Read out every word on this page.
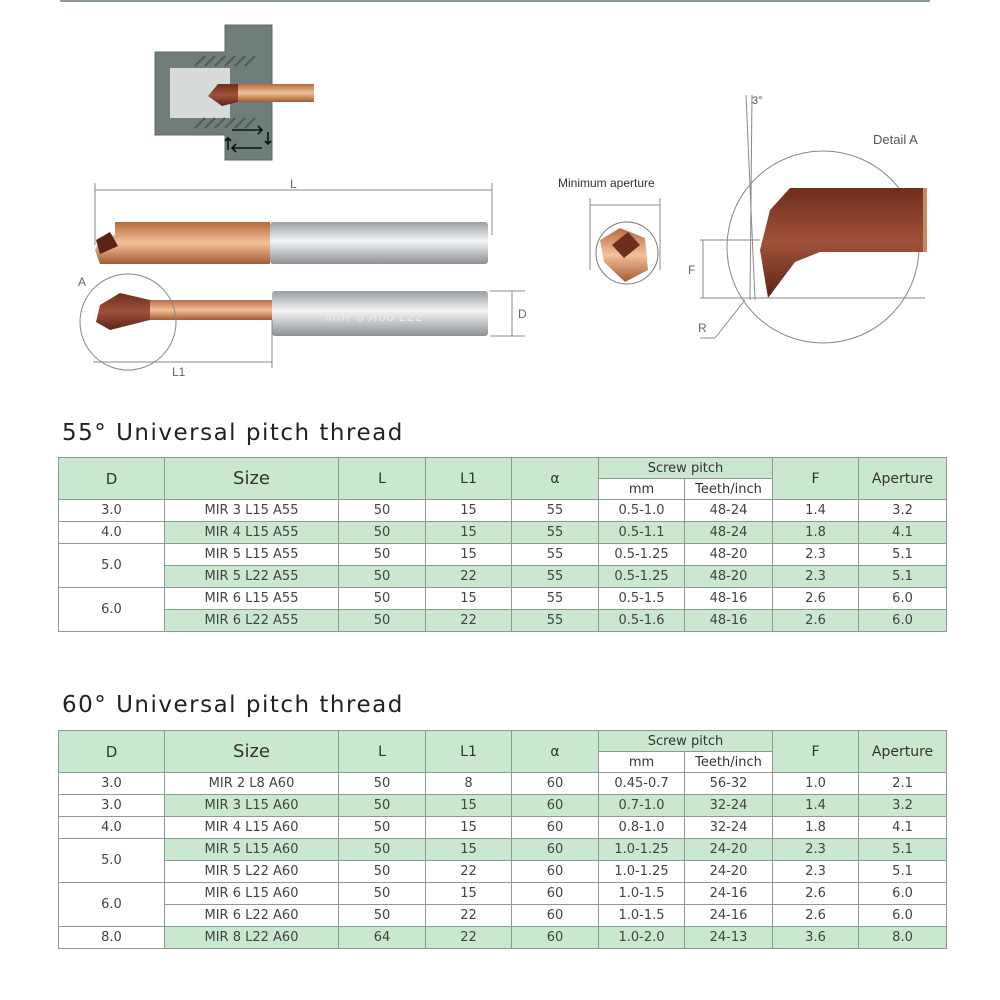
L
MIR 6 A60 L22
A
L1
D
Minimum aperture
Detail A
3°
F
R
55° Universal pitch thread
D	Size	L	L1	α	Screw pitch		F	Aperture
					mm	Teeth/inch		
3.0	MIR 3 L15 A55	50	15	55	0.5-1.0	48-24	1.4	3.2
4.0	MIR 4 L15 A55	50	15	55	0.5-1.1	48-24	1.8	4.1
5.0	MIR 5 L15 A55	50	15	55	0.5-1.25	48-20	2.3	5.1
	MIR 5 L22 A55	50	22	55	0.5-1.25	48-20	2.3	5.1
6.0	MIR 6 L15 A55	50	15	55	0.5-1.5	48-16	2.6	6.0
	MIR 6 L22 A55	50	22	55	0.5-1.6	48-16	2.6	6.0
60° Universal pitch thread
D	Size	L	L1	α	Screw pitch		F	Aperture
					mm	Teeth/inch		
3.0	MIR 2 L8 A60	50	8	60	0.45-0.7	56-32	1.0	2.1
3.0	MIR 3 L15 A60	50	15	60	0.7-1.0	32-24	1.4	3.2
4.0	MIR 4 L15 A60	50	15	60	0.8-1.0	32-24	1.8	4.1
5.0	MIR 5 L15 A60	50	15	60	1.0-1.25	24-20	2.3	5.1
	MIR 5 L22 A60	50	22	60	1.0-1.25	24-20	2.3	5.1
6.0	MIR 6 L15 A60	50	15	60	1.0-1.5	24-16	2.6	6.0
	MIR 6 L22 A60	50	22	60	1.0-1.5	24-16	2.6	6.0
8.0	MIR 8 L22 A60	64	22	60	1.0-2.0	24-13	3.6	8.0
